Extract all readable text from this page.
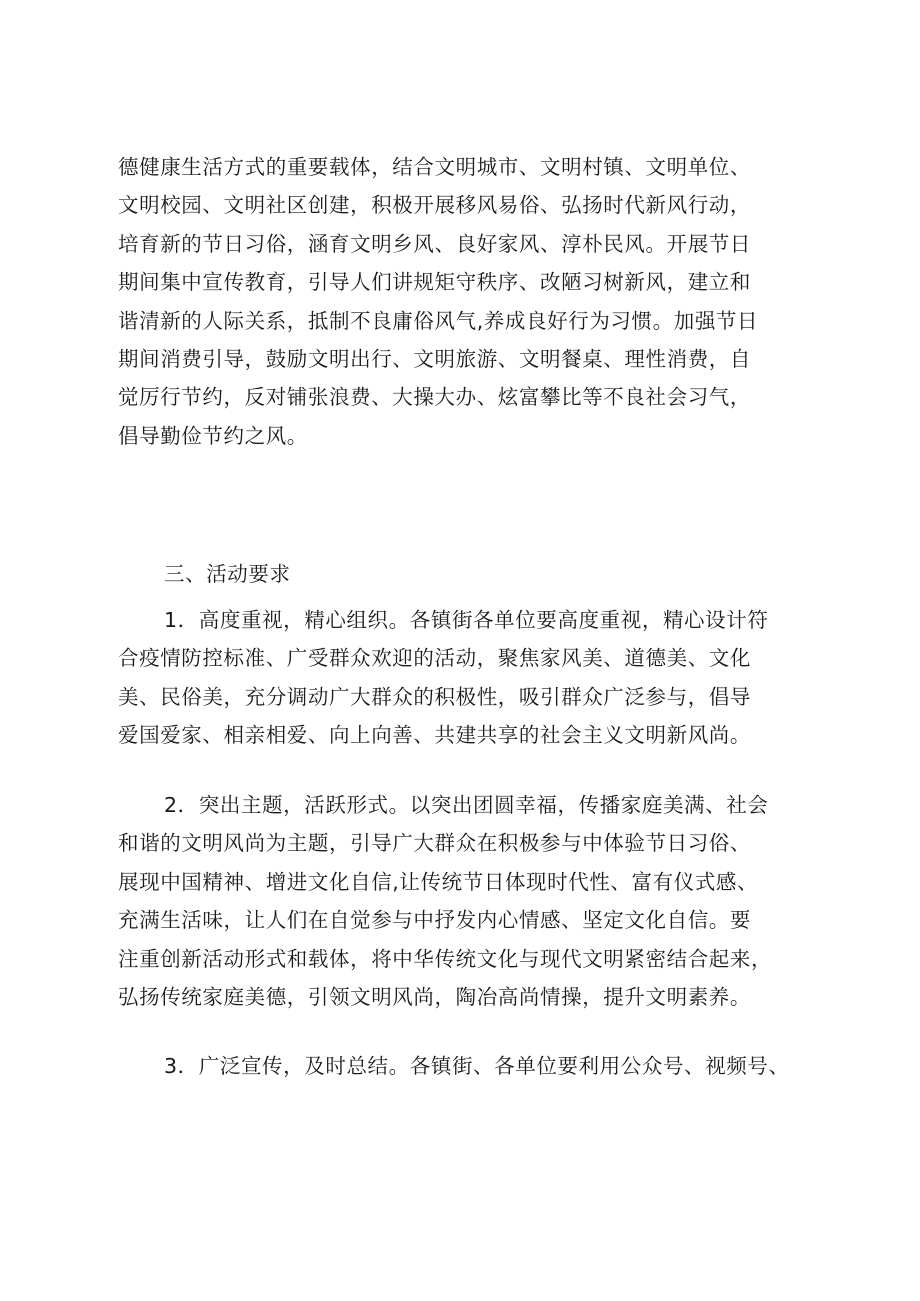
德健康生活方式的重要载体，结合文明城市、文明村镇、文明单位、
文明校园、文明社区创建，积极开展移风易俗、弘扬时代新风行动，
培育新的节日习俗，涵育文明乡风、良好家风、淳朴民风。开展节日
期间集中宣传教育，引导人们讲规矩守秩序、改陋习树新风，建立和
谐清新的人际关系，抵制不良庸俗风气,养成良好行为习惯。加强节日
期间消费引导，鼓励文明出行、文明旅游、文明餐桌、理性消费，自
觉厉行节约，反对铺张浪费、大操大办、炫富攀比等不良社会习气，
倡导勤俭节约之风。
三、活动要求
1．高度重视，精心组织。各镇街各单位要高度重视，精心设计符
合疫情防控标准、广受群众欢迎的活动，聚焦家风美、道德美、文化
美、民俗美，充分调动广大群众的积极性，吸引群众广泛参与，倡导
爱国爱家、相亲相爱、向上向善、共建共享的社会主义文明新风尚。
2．突出主题，活跃形式。以突出团圆幸福，传播家庭美满、社会
和谐的文明风尚为主题，引导广大群众在积极参与中体验节日习俗、
展现中国精神、增进文化自信,让传统节日体现时代性、富有仪式感、
充满生活味，让人们在自觉参与中抒发内心情感、坚定文化自信。要
注重创新活动形式和载体，将中华传统文化与现代文明紧密结合起来，
弘扬传统家庭美德，引领文明风尚，陶冶高尚情操，提升文明素养。
3．广泛宣传，及时总结。各镇街、各单位要利用公众号、视频号、
